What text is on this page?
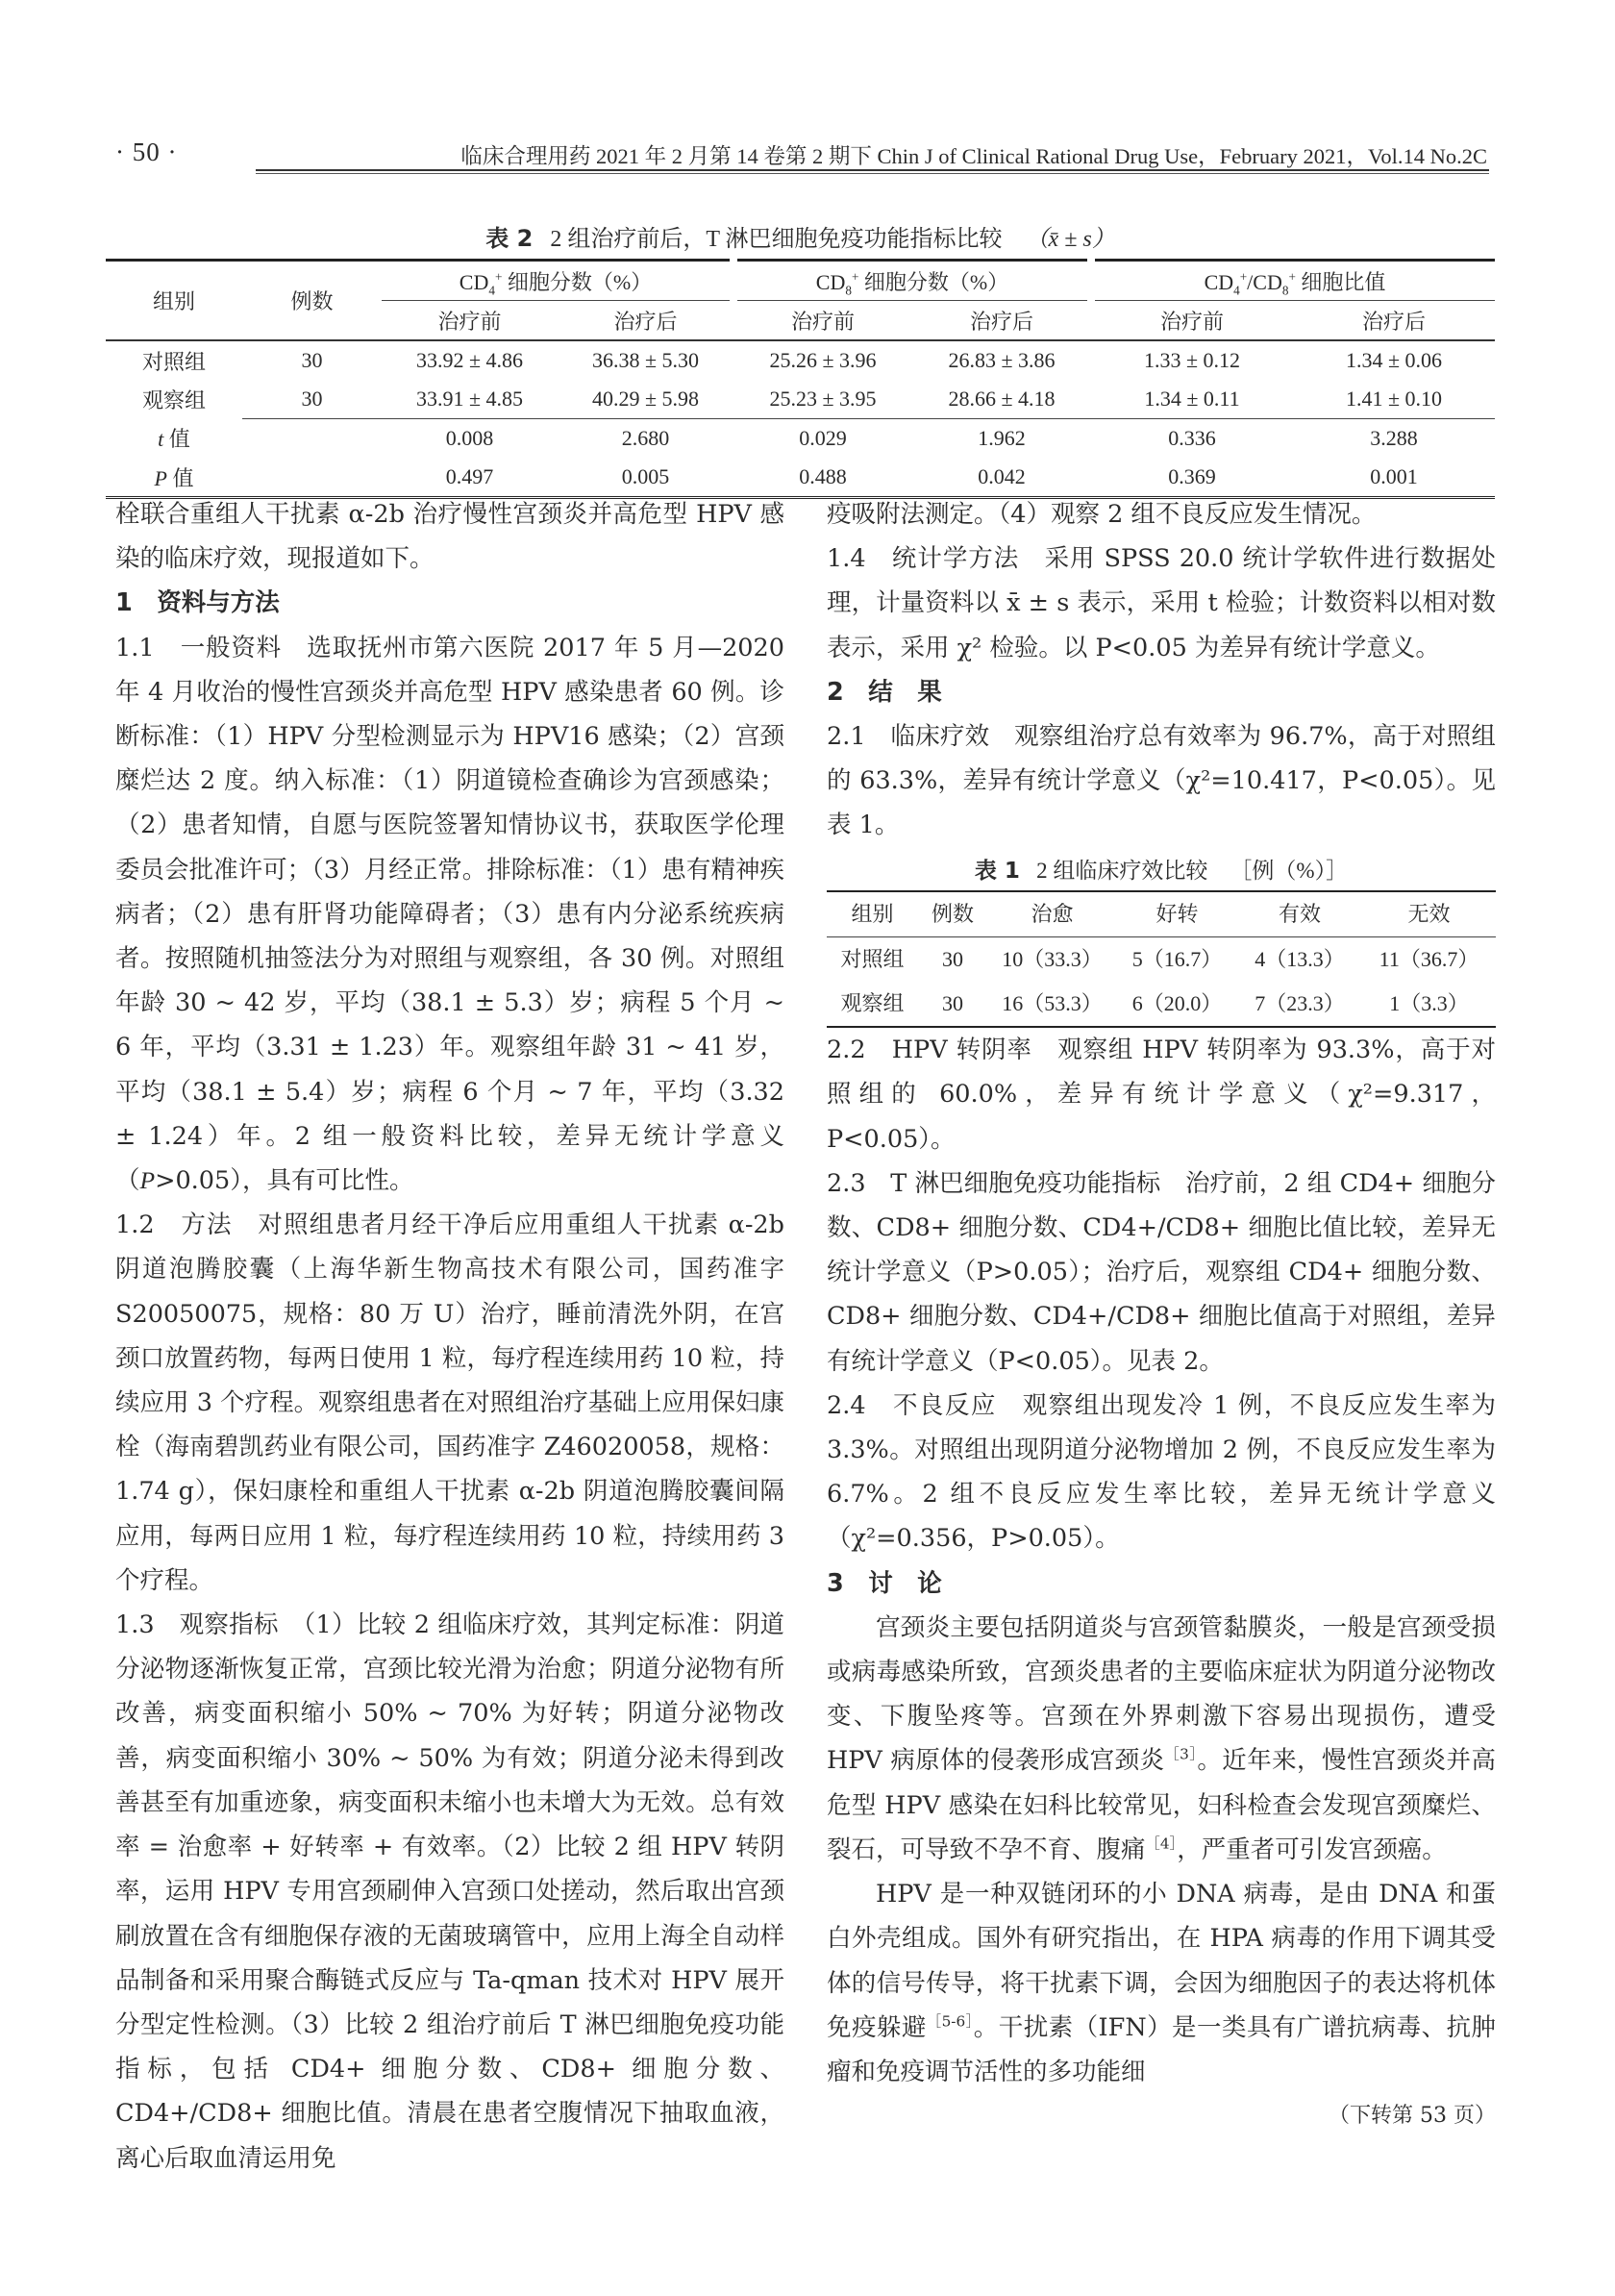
· 50 ·	临床合理用药 2021 年 2 月第 14 卷第 2 期下 Chin J of Clinical Rational Drug Use，February 2021，Vol.14 No.2C
表 2 2 组治疗前后，T 淋巴细胞免疫功能指标比较 （x̄ ± s）
组别	例数	$CD_4^+$ 细胞分数（%）		$CD_8^+$ 细胞分数（%）		$CD_4^+/CD_8^+$ 细胞比值	
		治疗前	治疗后	治疗前	治疗后	治疗前	治疗后
对照组	30	33.92 ± 4.86	36.38 ± 5.30	25.26 ± 3.96	26.83 ± 3.86	1.33 ± 0.12	1.34 ± 0.06
观察组	30	33.91 ± 4.85	40.29 ± 5.98	25.23 ± 3.95	28.66 ± 4.18	1.34 ± 0.11	1.41 ± 0.10
t 值		0.008	2.680	0.029	1.962	0.336	3.288
P 值		0.497	0.005	0.488	0.042	0.369	0.001

栓联合重组人干扰素 α-2b 治疗慢性宫颈炎并高危型 HPV 感染的临床疗效，现报道如下。

1　资料与方法

1.1　一般资料　选取抚州市第六医院 2017 年 5 月—2020 年 4 月收治的慢性宫颈炎并高危型 HPV 感染患者 60 例。诊断标准：（1）HPV 分型检测显示为 HPV16 感染；（2）宫颈糜烂达 2 度。纳入标准：（1）阴道镜检查确诊为宫颈感染；（2）患者知情，自愿与医院签署知情协议书，获取医学伦理委员会批准许可；（3）月经正常。排除标准：（1）患有精神疾病者；（2）患有肝肾功能障碍者；（3）患有内分泌系统疾病者。按照随机抽签法分为对照组与观察组，各 30 例。对照组年龄 30 ~ 42 岁，平均（38.1 ± 5.3）岁；病程 5 个月 ~ 6 年，平均（3.31 ± 1.23）年。观察组年龄 31 ~ 41 岁，平均（38.1 ± 5.4）岁；病程 6 个月 ~ 7 年，平均（3.32 ± 1.24）年。2 组一般资料比较，差异无统计学意义（P>0.05），具有可比性。

1.2　方法　对照组患者月经干净后应用重组人干扰素 α-2b 阴道泡腾胶囊（上海华新生物高技术有限公司，国药准字 S20050075，规格：80 万 U）治疗，睡前清洗外阴，在宫颈口放置药物，每两日使用 1 粒，每疗程连续用药 10 粒，持续应用 3 个疗程。观察组患者在对照组治疗基础上应用保妇康栓（海南碧凯药业有限公司，国药准字 Z46020058，规格：1.74 g），保妇康栓和重组人干扰素 α-2b 阴道泡腾胶囊间隔应用，每两日应用 1 粒，每疗程连续用药 10 粒，持续用药 3 个疗程。

1.3　观察指标　（1）比较 2 组临床疗效，其判定标准：阴道分泌物逐渐恢复正常，宫颈比较光滑为治愈；阴道分泌物有所改善，病变面积缩小 50% ~ 70% 为好转；阴道分泌物改善，病变面积缩小 30% ~ 50% 为有效；阴道分泌未得到改善甚至有加重迹象，病变面积未缩小也未增大为无效。总有效率 = 治愈率 + 好转率 + 有效率。（2）比较 2 组 HPV 转阴率，运用 HPV 专用宫颈刷伸入宫颈口处搓动，然后取出宫颈刷放置在含有细胞保存液的无菌玻璃管中，应用上海全自动样品制备和采用聚合酶链式反应与 Ta-qman 技术对 HPV 展开分型定性检测。（3）比较 2 组治疗前后 T 淋巴细胞免疫功能指标，包括 CD4+ 细胞分数、CD8+ 细胞分数、CD4+/CD8+ 细胞比值。清晨在患者空腹情况下抽取血液，离心后取血清运用免

疫吸附法测定。（4）观察 2 组不良反应发生情况。

1.4　统计学方法　采用 SPSS 20.0 统计学软件进行数据处理，计量资料以 x̄ ± s 表示，采用 t 检验；计数资料以相对数表示，采用 χ² 检验。以 P<0.05 为差异有统计学意义。

2　结　果

2.1　临床疗效　观察组治疗总有效率为 96.7%，高于对照组的 63.3%，差异有统计学意义（χ²=10.417，P<0.05）。见表 1。

表 1 2 组临床疗效比较 ［例（%）］
组别	例数	治愈	好转	有效	无效
对照组	30	10（33.3）	5（16.7）	4（13.3）	11（36.7）
观察组	30	16（53.3）	6（20.0）	7（23.3）	1（3.3）

2.2　HPV 转阴率　观察组 HPV 转阴率为 93.3%，高于对照组的 60.0%，差异有统计学意义（χ²=9.317，P<0.05）。

2.3　T 淋巴细胞免疫功能指标　治疗前，2 组 CD4+ 细胞分数、CD8+ 细胞分数、CD4+/CD8+ 细胞比值比较，差异无统计学意义（P>0.05）；治疗后，观察组 CD4+ 细胞分数、CD8+ 细胞分数、CD4+/CD8+ 细胞比值高于对照组，差异有统计学意义（P<0.05）。见表 2。

2.4　不良反应　观察组出现发冷 1 例，不良反应发生率为 3.3%。对照组出现阴道分泌物增加 2 例，不良反应发生率为 6.7%。2 组不良反应发生率比较，差异无统计学意义（χ²=0.356，P>0.05）。

3　讨　论

宫颈炎主要包括阴道炎与宫颈管黏膜炎，一般是宫颈受损或病毒感染所致，宫颈炎患者的主要临床症状为阴道分泌物改变、下腹坠疼等。宫颈在外界刺激下容易出现损伤，遭受 HPV 病原体的侵袭形成宫颈炎$^{[3]}$。近年来，慢性宫颈炎并高危型 HPV 感染在妇科比较常见，妇科检查会发现宫颈糜烂、裂石，可导致不孕不育、腹痛$^{[4]}$，严重者可引发宫颈癌。

HPV 是一种双链闭环的小 DNA 病毒，是由 DNA 和蛋白外壳组成。国外有研究指出，在 HPA 病毒的作用下调其受体的信号传导，将干扰素下调，会因为细胞因子的表达将机体免疫躲避$^{[5-6]}$。干扰素（IFN）是一类具有广谱抗病毒、抗肿瘤和免疫调节活性的多功能细

（下转第 53 页）
